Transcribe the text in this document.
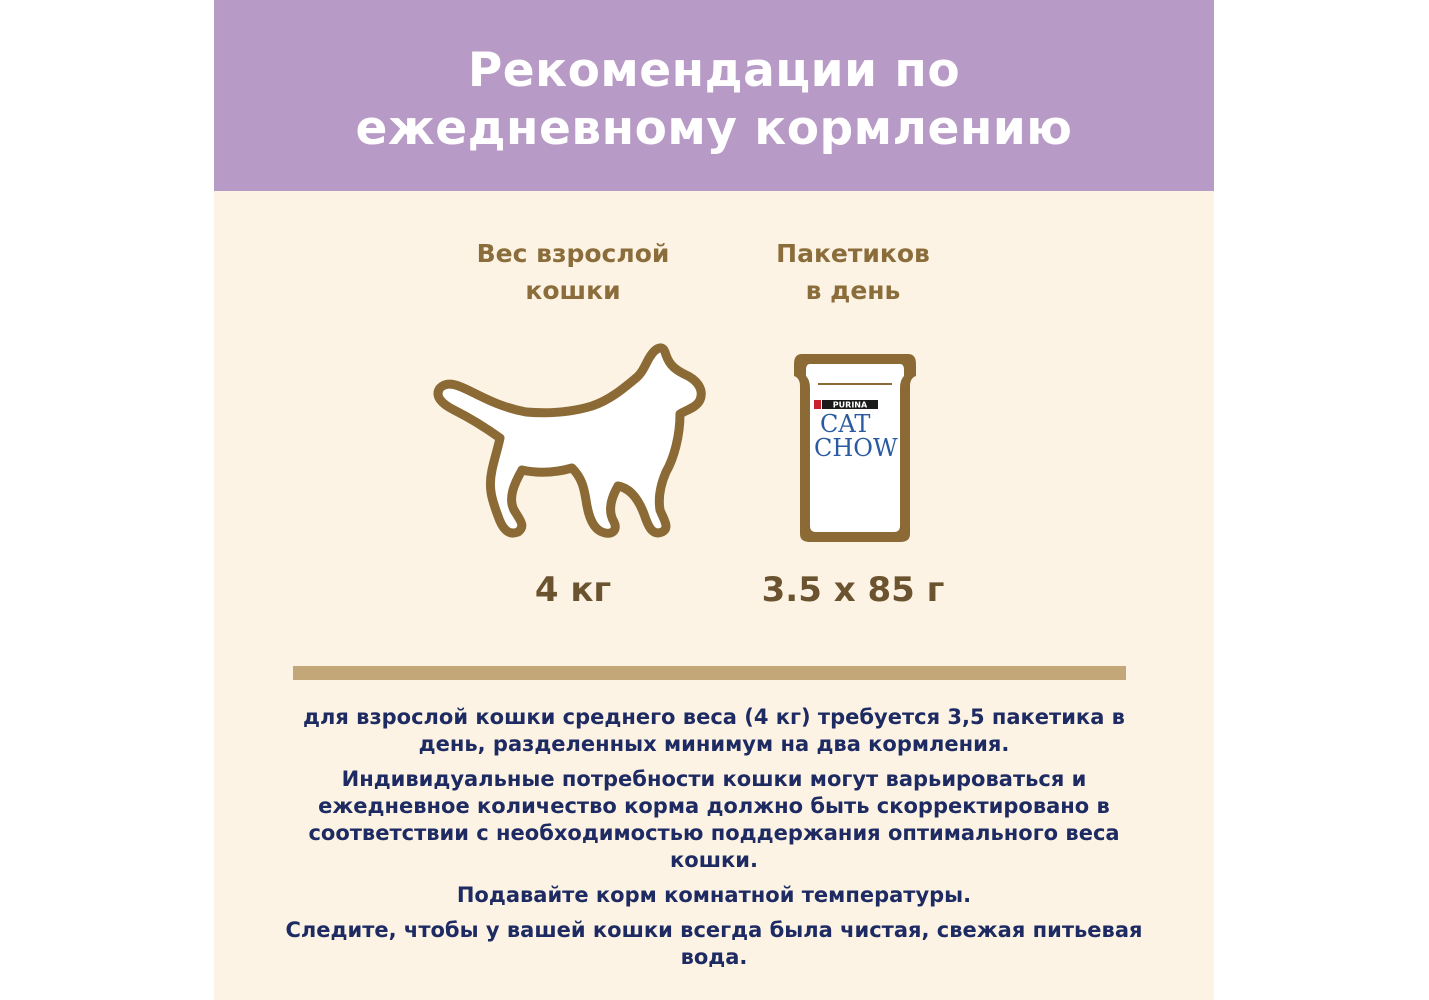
Рекомендации по
ежедневному кормлению
Вес взрослой
кошки
4 кг
Пакетиков
в день
PURINA
CAT
CHOW
3.5 x 85 г

для взрослой кошки среднего веса (4 кг) требуется 3,5 пакетика в день, разделенных минимум на два кормления.

Индивидуальные потребности кошки могут варьироваться и ежедневное количество корма должно быть скорректировано в соответствии с необходимостью поддержания оптимального веса кошки.

Подавайте корм комнатной температуры.

Следите, чтобы у вашей кошки всегда была чистая, свежая питьевая вода.
